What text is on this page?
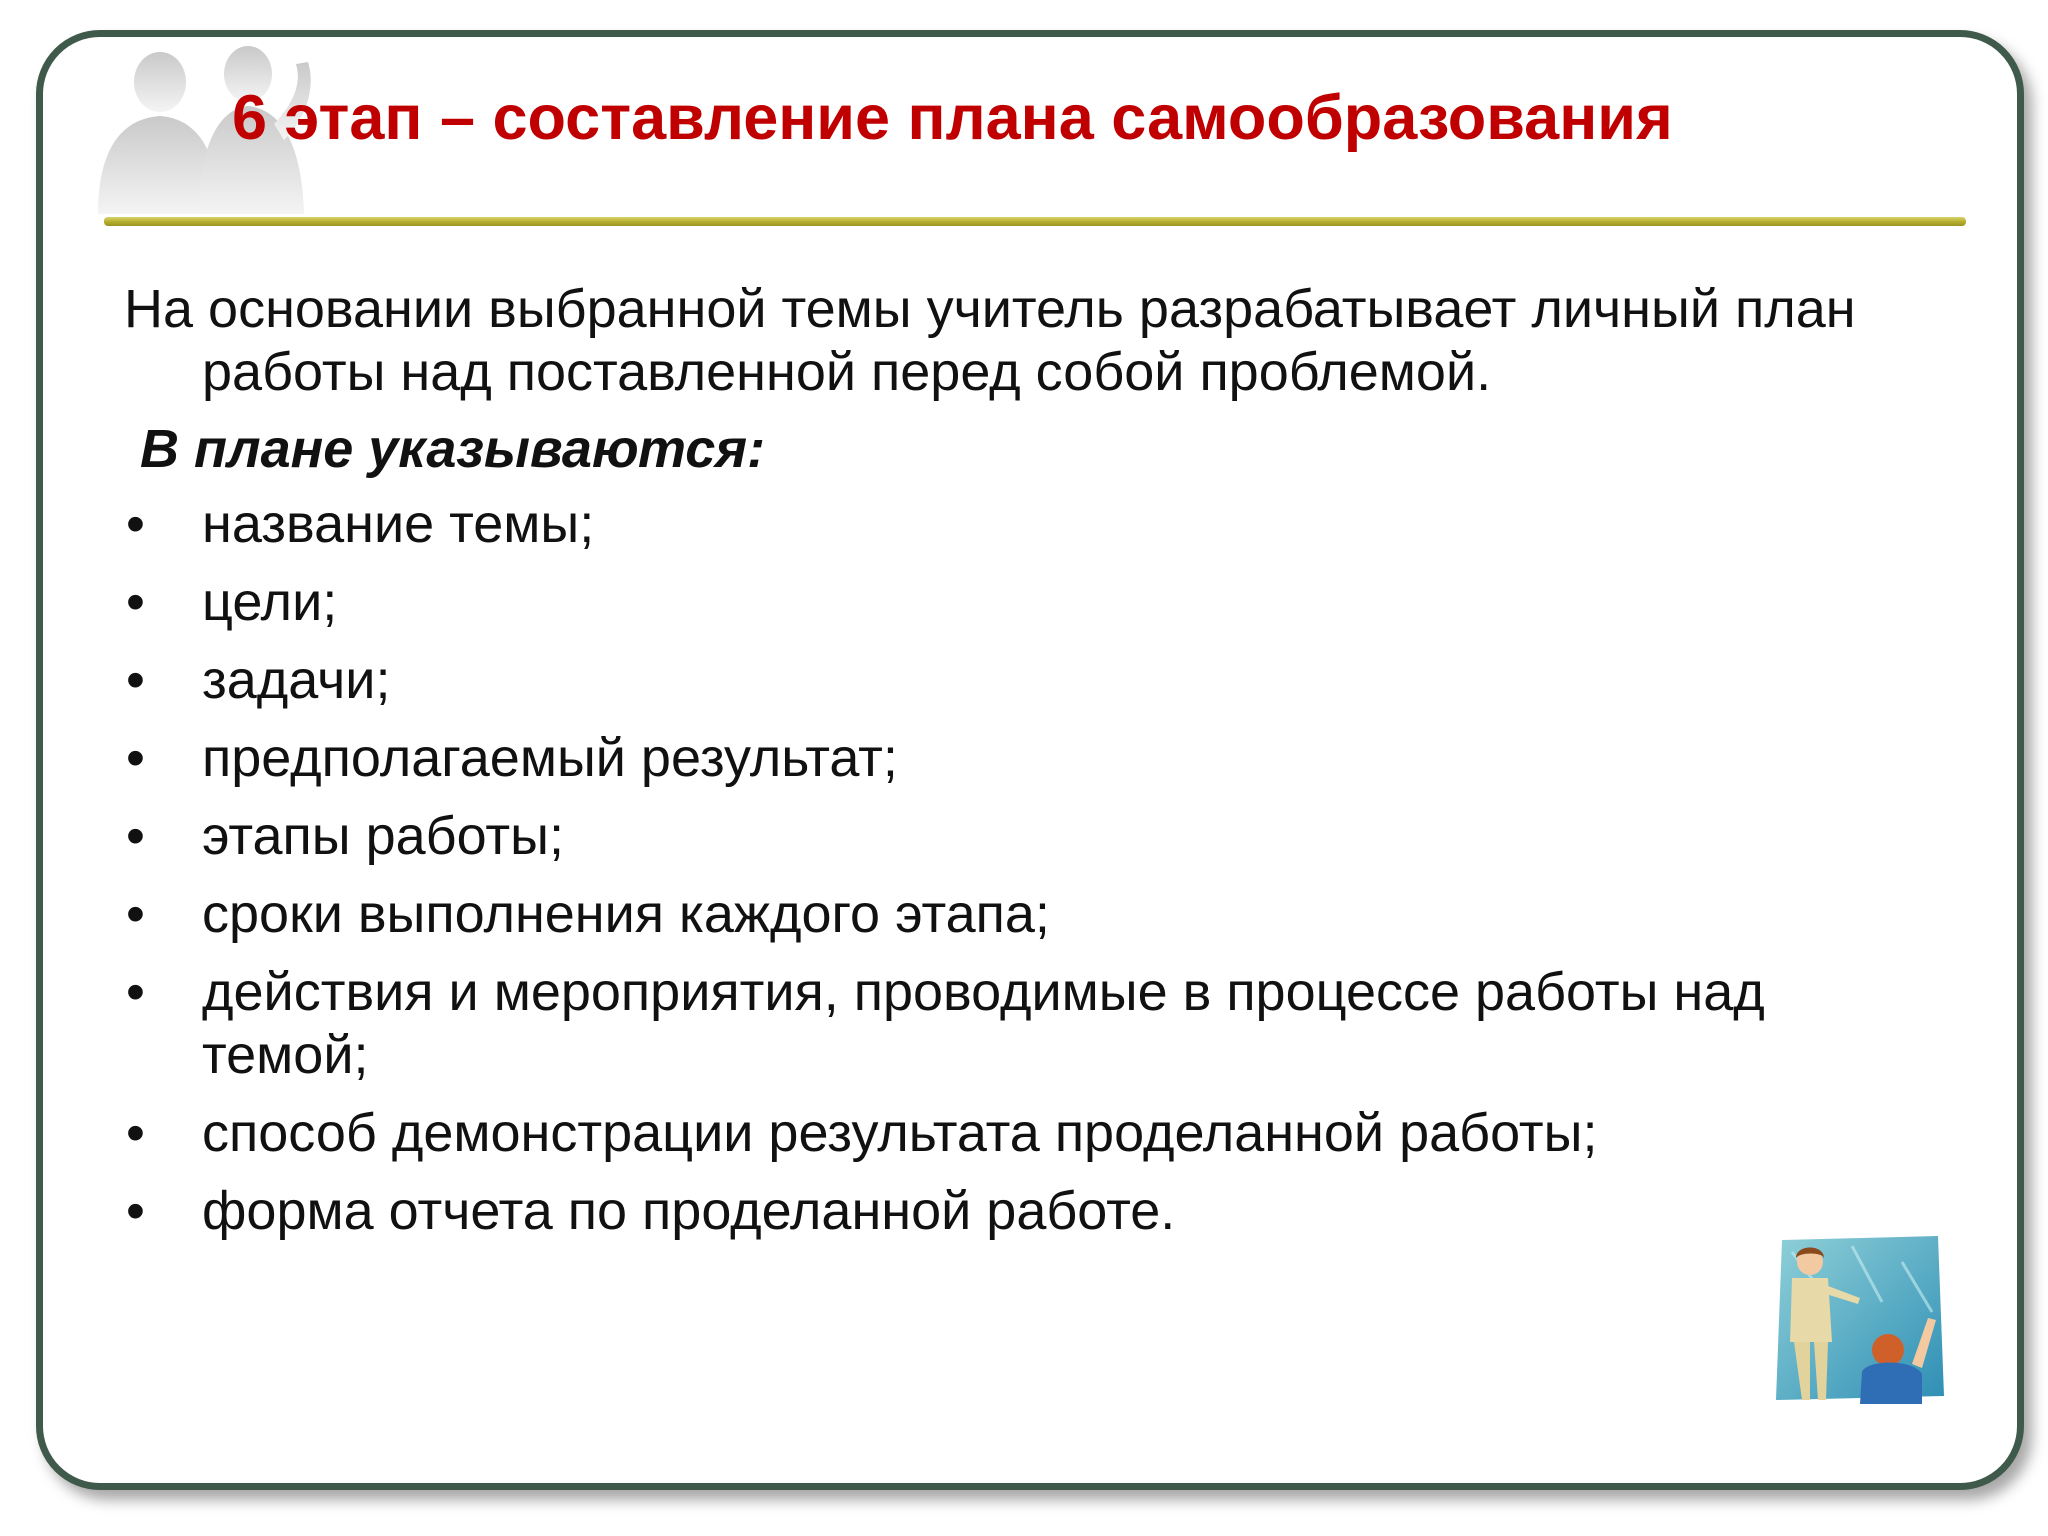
6 этап – составление плана самообразования

На основании выбранной темы учитель разрабатывает личный план работы над поставленной перед собой проблемой.

В плане указываются:
• название темы;
• цели;
• задачи;
• предполагаемый результат;
• этапы работы;
• сроки выполнения каждого этапа;
• действия и мероприятия, проводимые в процессе работы над темой;
• способ демонстрации результата проделанной работы;
• форма отчета по проделанной работе.
